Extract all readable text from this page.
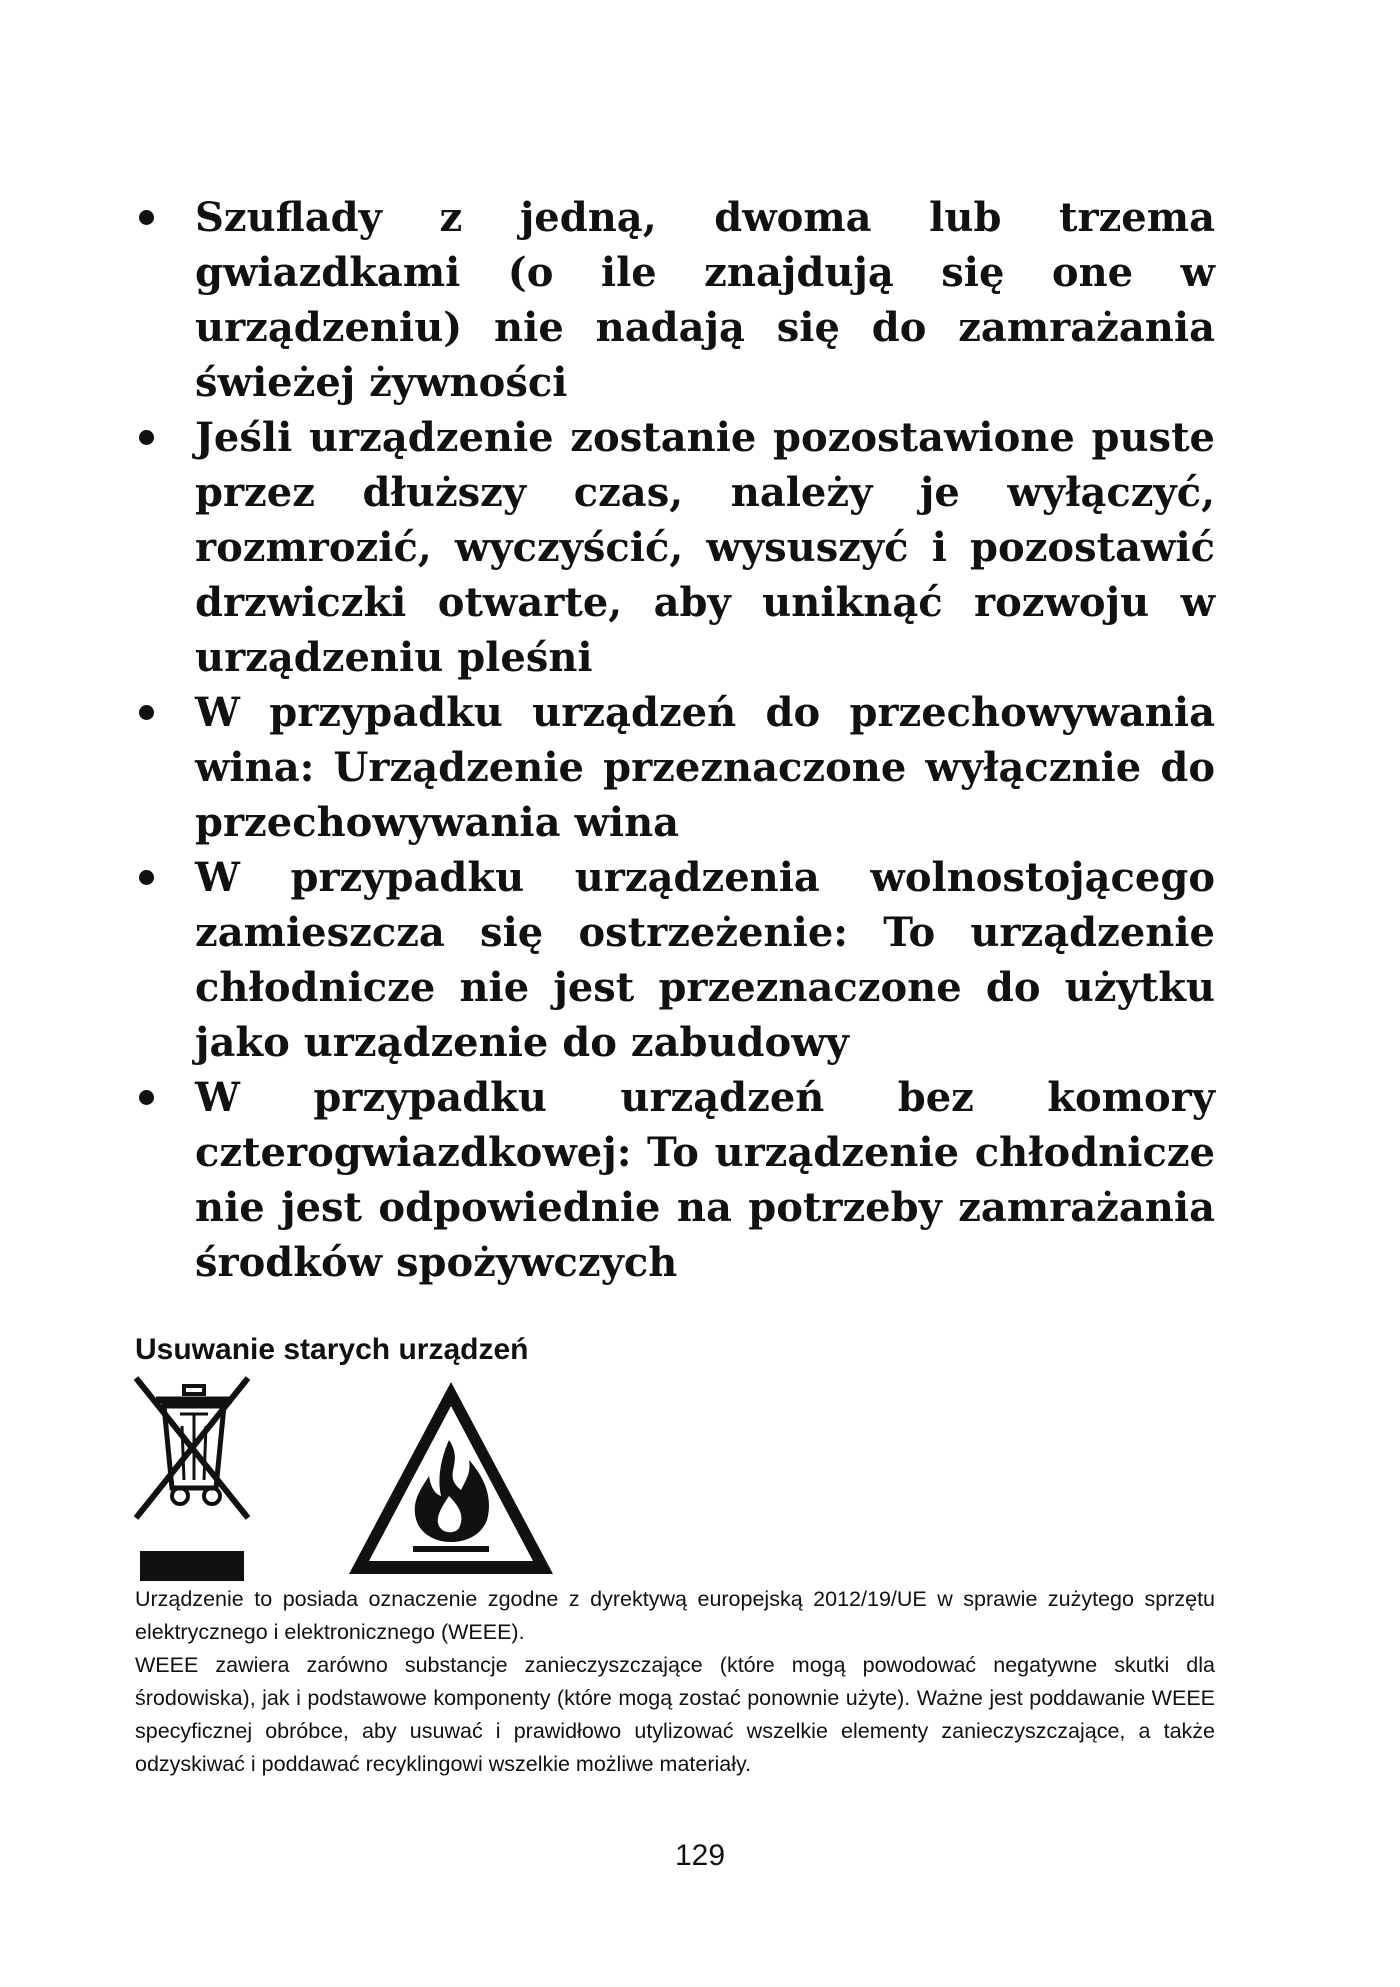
Szuflady z jedną, dwoma lub trzema gwiazdkami (o ile znajdują się one w urządzeniu) nie nadają się do zamrażania świeżej żywności
Jeśli urządzenie zostanie pozostawione puste przez dłuższy czas, należy je wyłączyć, rozmrozić, wyczyścić, wysuszyć i pozostawić drzwiczki otwarte, aby uniknąć rozwoju w urządzeniu pleśni
W przypadku urządzeń do przechowywania wina: Urządzenie przeznaczone wyłącznie do przechowywania wina
W przypadku urządzenia wolnostojącego zamieszcza się ostrzeżenie: To urządzenie chłodnicze nie jest przeznaczone do użytku jako urządzenie do zabudowy
W przypadku urządzeń bez komory czterogwiazdkowej: To urządzenie chłodnicze nie jest odpowiednie na potrzeby zamrażania środków spożywczych
Usuwanie starych urządzeń

Urządzenie to posiada oznaczenie zgodne z dyrektywą europejską 2012/19/UE w sprawie zużytego sprzętu elektrycznego i elektronicznego (WEEE).

WEEE zawiera zarówno substancje zanieczyszczające (które mogą powodować negatywne skutki dla środowiska), jak i podstawowe komponenty (które mogą zostać ponownie użyte). Ważne jest poddawanie WEEE specyficznej obróbce, aby usuwać i prawidłowo utylizować wszelkie elementy zanieczyszczające, a także odzyskiwać i poddawać recyklingowi wszelkie możliwe materiały.

129
